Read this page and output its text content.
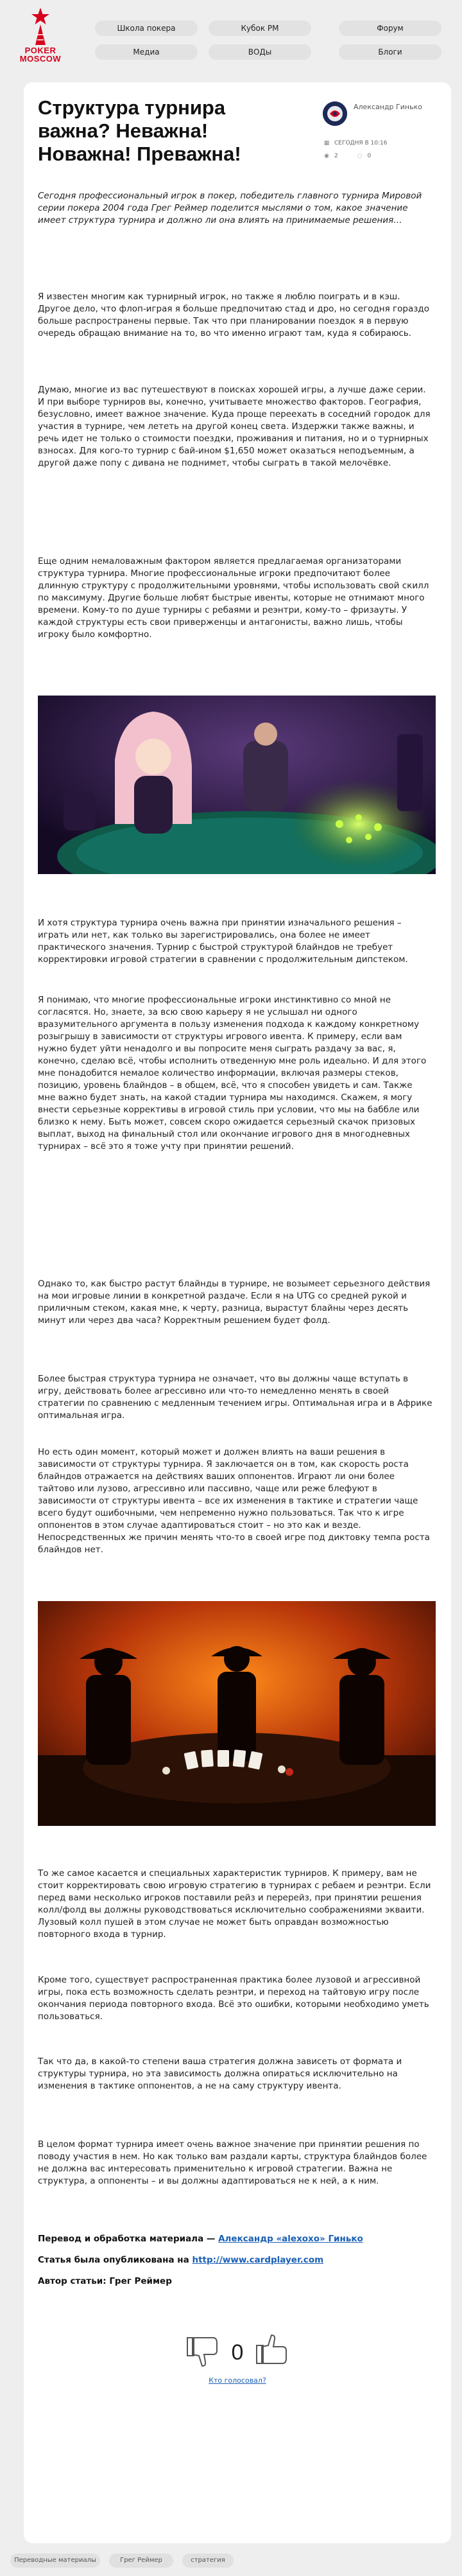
POKER
MOSCOW
Школа покера	Кубок РМ	Форум
Медиа	ВОДы	Блоги
Структура турнира важна? Неважна! Новажна! Преважна!
Александр Гинько
▦ СЕГОДНЯ В 10:16
◉ 2	◌ 0

Сегодня профессиональный игрок в покер, победитель главного турнира Мировой серии покера 2004 года Грег Реймер поделится мыслями о том, какое значение имеет структура турнира и должно ли она влиять на принимаемые решения…

Я известен многим как турнирный игрок, но также я люблю поиграть и в кэш. Другое дело, что флоп-играя я больше предпочитаю стад и дро, но сегодня гораздо больше распространены первые. Так что при планировании поездок я в первую очередь обращаю внимание на то, во что именно играют там, куда я собираюсь.

Думаю, многие из вас путешествуют в поисках хорошей игры, а лучше даже серии. И при выборе турниров вы, конечно, учитываете множество факторов. География, безусловно, имеет важное значение. Куда проще переехать в соседний городок для участия в турнире, чем лететь на другой конец света. Издержки также важны, и речь идет не только о стоимости поездки, проживания и питания, но и о турнирных взносах. Для кого-то турнир с бай-ином $1,650 может оказаться неподъемным, а другой даже попу с дивана не поднимет, чтобы сыграть в такой мелочёвке.

Еще одним немаловажным фактором является предлагаемая организаторами структура турнира. Многие профессиональные игроки предпочитают более длинную структуру с продолжительными уровнями, чтобы использовать свой скилл по максимуму. Другие больше любят быстрые ивенты, которые не отнимают много времени. Кому-то по душе турниры с ребаями и реэнтри, кому-то – фризауты. У каждой структуры есть свои приверженцы и антагонисты, важно лишь, чтобы игроку было комфортно.

И хотя структура турнира очень важна при принятии изначального решения – играть или нет, как только вы зарегистрировались, она более не имеет практического значения. Турнир с быстрой структурой блайндов не требует корректировки игровой стратегии в сравнении с продолжительным дипстеком.

Я понимаю, что многие профессиональные игроки инстинктивно со мной не согласятся. Но, знаете, за всю свою карьеру я не услышал ни одного вразумительного аргумента в пользу изменения подхода к каждому конкретному розыгрышу в зависимости от структуры игрового ивента. К примеру, если вам нужно будет уйти ненадолго и вы попросите меня сыграть раздачу за вас, я, конечно, сделаю всё, чтобы исполнить отведенную мне роль идеально. И для этого мне понадобится немалое количество информации, включая размеры стеков, позицию, уровень блайндов – в общем, всё, что я способен увидеть и сам. Также мне важно будет знать, на какой стадии турнира мы находимся. Скажем, я могу внести серьезные коррективы в игровой стиль при условии, что мы на баббле или близко к нему. Быть может, совсем скоро ожидается серьезный скачок призовых выплат, выход на финальный стол или окончание игрового дня в многодневных турнирах – всё это я тоже учту при принятии решений.

Однако то, как быстро растут блайнды в турнире, не возымеет серьезного действия на мои игровые линии в конкретной раздаче. Если я на UTG со средней рукой и приличным стеком, какая мне, к черту, разница, вырастут блайны через десять минут или через два часа? Корректным решением будет фолд.

Более быстрая структура турнира не означает, что вы должны чаще вступать в игру, действовать более агрессивно или что-то немедленно менять в своей стратегии по сравнению с медленным течением игры. Оптимальная игра и в Африке оптимальная игра.

Но есть один момент, который может и должен влиять на ваши решения в зависимости от структуры турнира. Я заключается он в том, как скорость роста блайндов отражается на действиях ваших оппонентов. Играют ли они более тайтово или лузово, агрессивно или пассивно, чаще или реже блефуют в зависимости от структуры ивента – все их изменения в тактике и стратегии чаще всего будут ошибочными, чем непременно нужно пользоваться. Так что к игре оппонентов в этом случае адаптироваться стоит – но это как и везде. Непосредственных же причин менять что-то в своей игре под диктовку темпа роста блайндов нет.

То же самое касается и специальных характеристик турниров. К примеру, вам не стоит корректировать свою игровую стратегию в турнирах с ребаем и реэнтри. Если перед вами несколько игроков поставили рейз и перерейз, при принятии решения колл/фолд вы должны руководствоваться исключительно соображениями экваити. Лузовый колл пушей в этом случае не может быть оправдан возможностью повторного входа в турнир.

Кроме того, существует распространенная практика более лузовой и агрессивной игры, пока есть возможность сделать реэнтри, и переход на тайтовую игру после окончания периода повторного входа. Всё это ошибки, которыми необходимо уметь пользоваться.

Так что да, в какой-то степени ваша стратегия должна зависеть от формата и структуры турнира, но эта зависимость должна опираться исключительно на изменения в тактике оппонентов, а не на саму структуру ивента.

В целом формат турнира имеет очень важное значение при принятии решения по поводу участия в нем. Но как только вам раздали карты, структура блайндов более не должна вас интересовать применительно к игровой стратегии. Важна не структура, а оппоненты – и вы должны адаптироваться не к ней, а к ним.

Перевод и обработка материала — Александр «alexoxo» Гинько

Статья была опубликована на http://www.cardplayer.com

Автор статьи: Грег Реймер

0
Кто голосовал?
Переводные материалы	Грег Реймер	стратегия
